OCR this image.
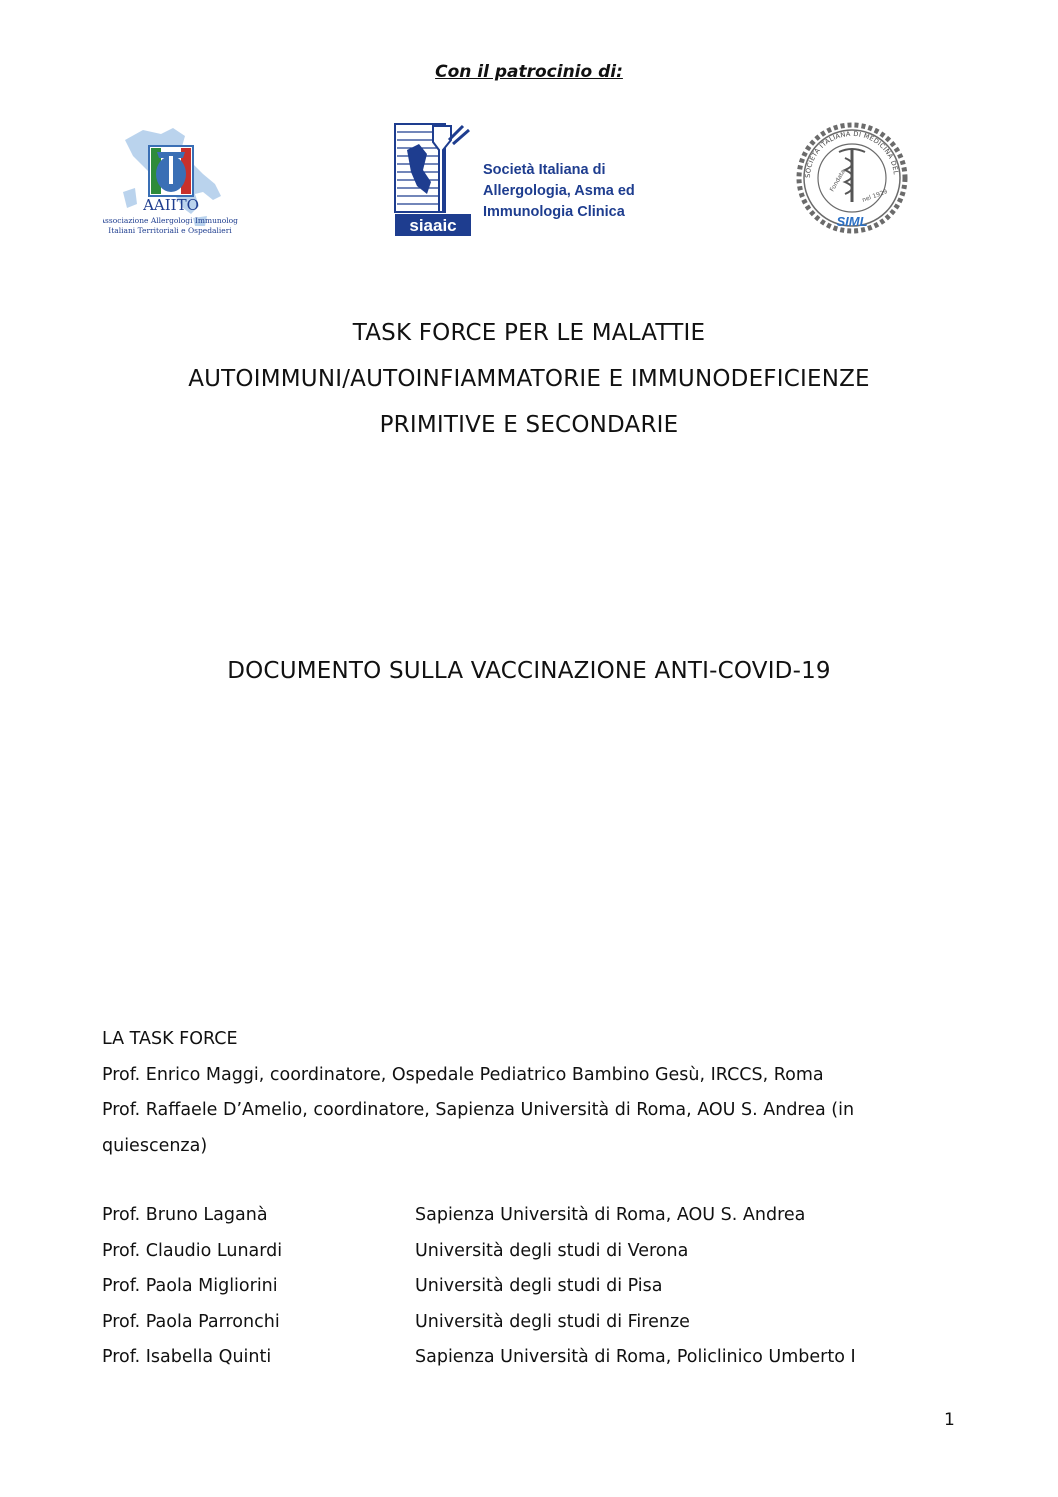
Con il patrocinio di:
AAIITO
Associazione Allergologi Immunologi
Italiani Territoriali e Ospedalieri	siaaic
Società Italiana di
Allergologia, Asma ed
Immunologia Clinica
SOCIETÀ ITALIANA DI MEDICINA DEL
Fondata
nel 1929
SIML
TASK FORCE PER LE MALATTIE
AUTOIMMUNI/AUTOINFIAMMATORIE E IMMUNODEFICIENZE
PRIMITIVE E SECONDARIE
DOCUMENTO SULLA VACCINAZIONE ANTI-COVID-19
LA TASK FORCE
Prof. Enrico Maggi, coordinatore, Ospedale Pediatrico Bambino Gesù, IRCCS, Roma
Prof. Raffaele D’Amelio, coordinatore, Sapienza Università di Roma, AOU S. Andrea (in quiescenza)
Prof. Bruno Laganà	Sapienza Università di Roma, AOU S. Andrea
Prof. Claudio Lunardi	Università degli studi di Verona
Prof. Paola Migliorini	Università degli studi di Pisa
Prof. Paola Parronchi	Università degli studi di Firenze
Prof. Isabella Quinti	Sapienza Università di Roma, Policlinico Umberto I
1
